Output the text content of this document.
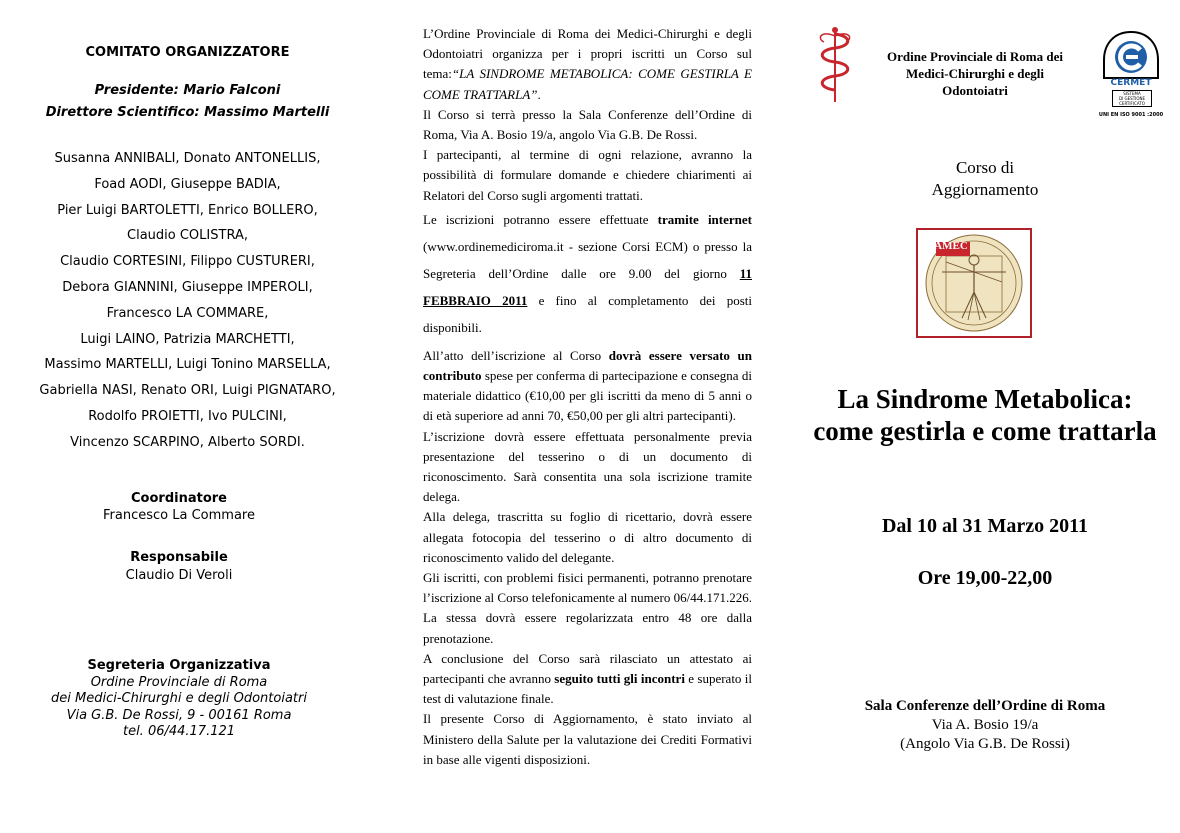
COMITATO ORGANIZZATORE
Presidente: Mario Falconi
Direttore Scientifico: Massimo Martelli
Susanna ANNIBALI, Donato ANTONELLIS,
Foad AODI, Giuseppe BADIA,
Pier Luigi BARTOLETTI, Enrico BOLLERO,
Claudio COLISTRA,
Claudio CORTESINI, Filippo CUSTURERI,
Debora GIANNINI, Giuseppe IMPEROLI,
Francesco LA COMMARE,
Luigi LAINO, Patrizia MARCHETTI,
Massimo MARTELLI, Luigi Tonino MARSELLA,
Gabriella NASI, Renato ORI, Luigi PIGNATARO,
Rodolfo PROIETTI, Ivo PULCINI,
Vincenzo SCARPINO, Alberto SORDI.
Coordinatore
Francesco La Commare
Responsabile
Claudio Di Veroli
Segreteria Organizzativa
Ordine Provinciale di Roma
dei Medici-Chirurghi e degli Odontoiatri
Via G.B. De Rossi, 9 - 00161 Roma
tel. 06/44.17.121

L’Ordine Provinciale di Roma dei Medici-Chirurghi e degli Odontoiatri organizza per i propri iscritti un Corso sul tema:“LA SINDROME METABOLICA: COME GESTIRLA E COME TRATTARLA”.

Il Corso si terrà presso la Sala Conferenze dell’Ordine di Roma, Via A. Bosio 19/a, angolo Via G.B. De Rossi.

I partecipanti, al termine di ogni relazione, avranno la possibilità di formulare domande e chiedere chiarimenti ai Relatori del Corso sugli argomenti trattati.

Le iscrizioni potranno essere effettuate tramite internet (www.ordinemediciroma.it - sezione Corsi ECM) o presso la Segreteria dell’Ordine dalle ore 9.00 del giorno 11 FEBBRAIO 2011 e fino al completamento dei posti disponibili.

All’atto dell’iscrizione al Corso dovrà essere versato un contributo spese per conferma di partecipazione e consegna di materiale didattico (€10,00 per gli iscritti da meno di 5 anni o di età superiore ad anni 70, €50,00 per gli altri partecipanti).

L’iscrizione dovrà essere effettuata personalmente previa presentazione del tesserino o di un documento di riconoscimento. Sarà consentita una sola iscrizione tramite delega.

Alla delega, trascritta su foglio di ricettario, dovrà essere allegata fotocopia del tesserino o di altro documento di riconoscimento valido del delegante.

Gli iscritti, con problemi fisici permanenti, potranno prenotare l’iscrizione al Corso telefonicamente al numero 06/44.171.226. La stessa dovrà essere regolarizzata entro 48 ore dalla prenotazione.

A conclusione del Corso sarà rilasciato un attestato ai partecipanti che avranno seguito tutti gli incontri e superato il test di valutazione finale.

Il presente Corso di Aggiornamento, è stato inviato al Ministero della Salute per la valutazione dei Crediti Formativi in base alle vigenti disposizioni.

Ordine Provinciale di Roma dei
Medici-Chirurghi e degli
Odontoiatri	CERMET
SISTEMA
DI GESTIONE
CERTIFICATO
UNI EN ISO 9001 :2000
Corso di
Aggiornamento
AMEC
La Sindrome Metabolica:
come gestirla e come trattarla
Dal 10 al 31 Marzo 2011
Ore 19,00-22,00
Sala Conferenze dell’Ordine di Roma
Via A. Bosio 19/a
(Angolo Via G.B. De Rossi)
